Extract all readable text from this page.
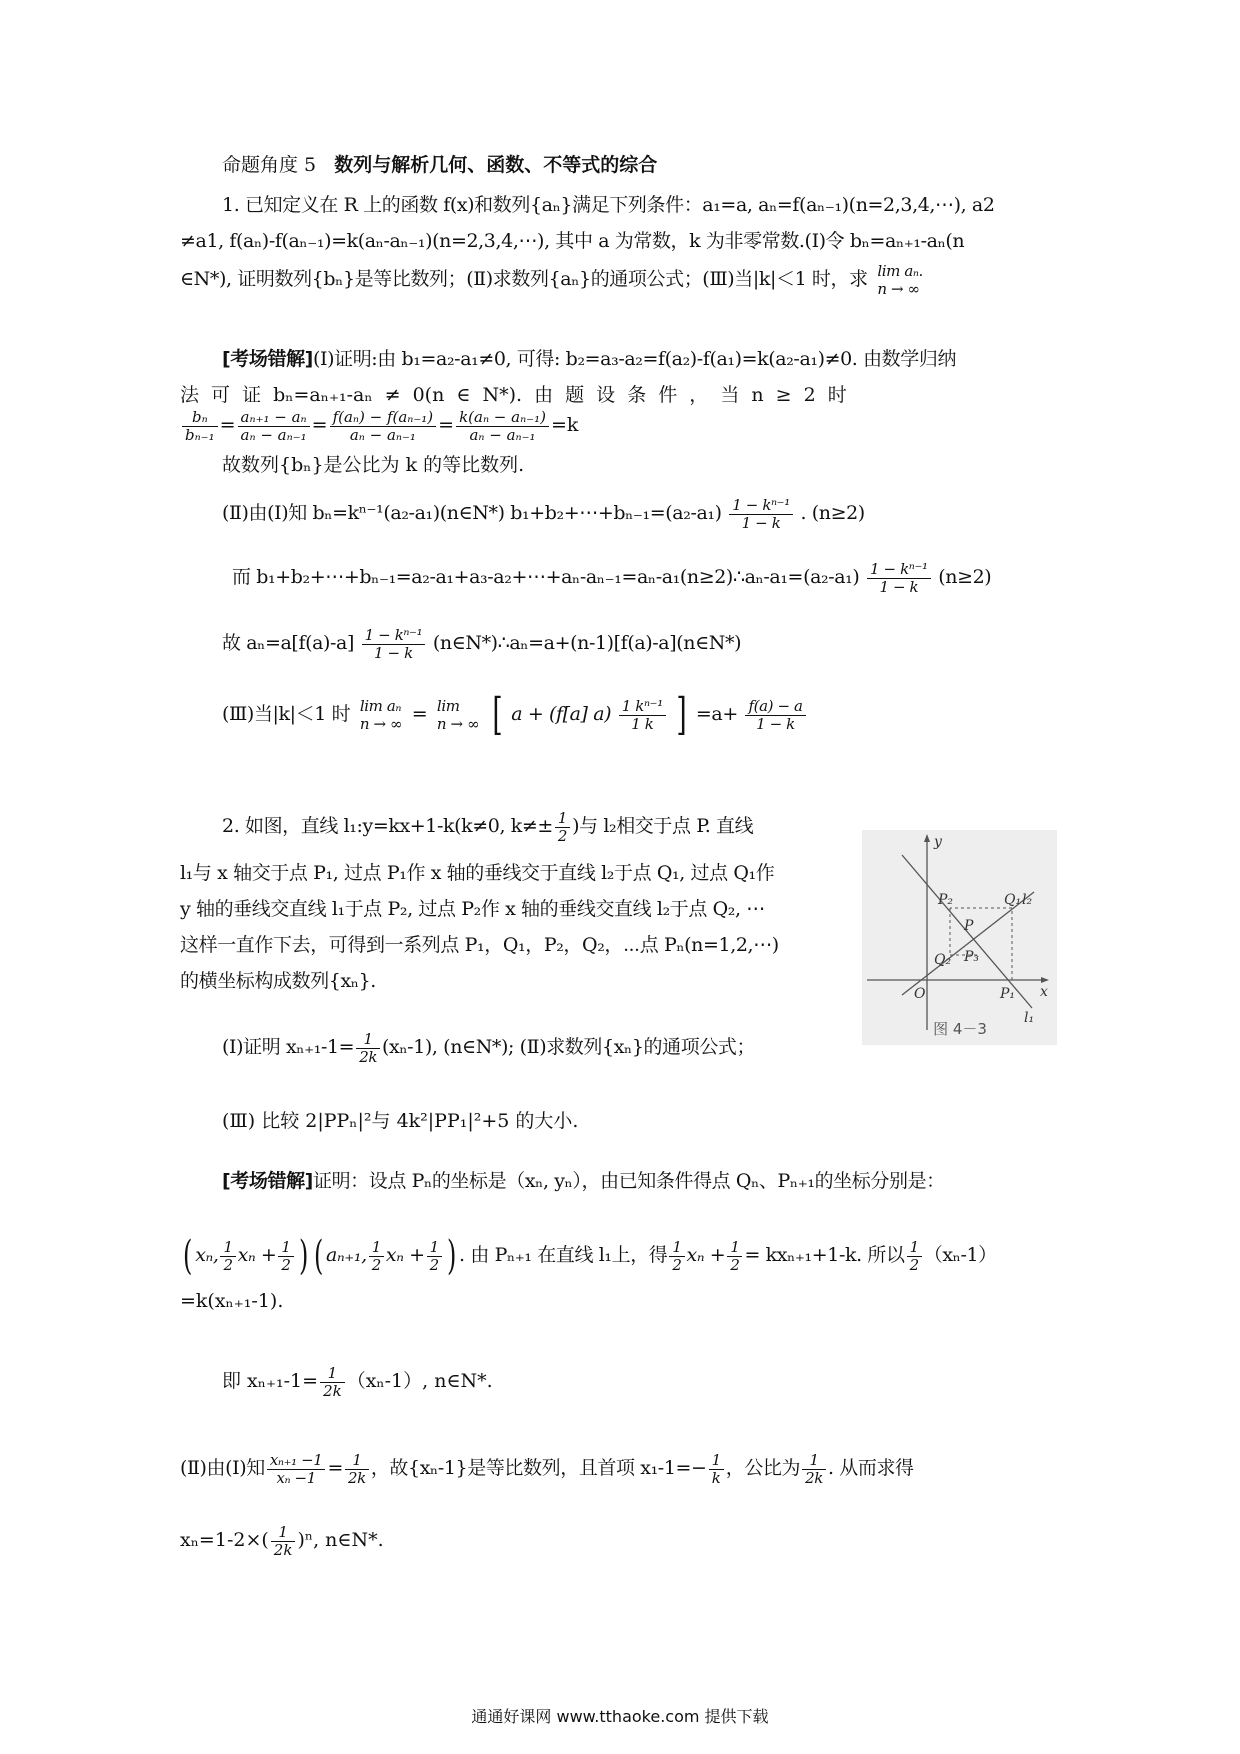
命题角度 5 数列与解析几何、函数、不等式的综合
1. 已知定义在 R 上的函数 f(x)和数列{aₙ}满足下列条件：a₁=a, aₙ=f(aₙ₋₁)(n=2,3,4,⋯), a2
≠a1, f(aₙ)-f(aₙ₋₁)=k(aₙ-aₙ₋₁)(n=2,3,4,⋯), 其中 a 为常数，k 为非零常数.(Ⅰ)令 bₙ=aₙ₊₁-aₙ(n
∈N*), 证明数列{bₙ}是等比数列；(Ⅱ)求数列{aₙ}的通项公式；(Ⅲ)当|k|＜1 时，求 lim aₙ.
n → ∞
[考场错解](Ⅰ)证明:由 b₁=a₂-a₁≠0, 可得: b₂=a₃-a₂=f(a₂)-f(a₁)=k(a₂-a₁)≠0. 由数学归纳
法 可 证 bₙ=aₙ₊₁-aₙ ≠ 0(n ∈ N*). 由 题 设 条 件 ， 当 n ≥ 2 时
$\frac{\text{bₙ}}{\text{bₙ₋₁}} = \frac{\text{aₙ₊₁ − aₙ}}{\text{aₙ − aₙ₋₁}} = \frac{\text{f(aₙ) − f(aₙ₋₁)}}{\text{aₙ − aₙ₋₁}} = \frac{\text{k(aₙ − aₙ₋₁)}}{\text{aₙ − aₙ₋₁}} =k$
故数列{bₙ}是公比为 k 的等比数列.
(Ⅱ)由(Ⅰ)知 bₙ=kⁿ⁻¹(a₂-a₁)(n∈N*) b₁+b₂+⋯+bₙ₋₁=(a₂-a₁) $\frac{\text{1 − kⁿ⁻¹}}{1 - k}$ . (n≥2)
而 b₁+b₂+⋯+bₙ₋₁=a₂-a₁+a₃-a₂+⋯+aₙ-aₙ₋₁=aₙ-a₁(n≥2)∴aₙ-a₁=(a₂-a₁) $\frac{\text{1 − kⁿ⁻¹}}{1 - k} (n\ge 2)$
故 $a_n=a[f(a)-a] \frac{\text{1 − kⁿ⁻¹}}{1 - k}$ (n∈N*)∴aₙ=a+(n-1)[f(a)-a](n∈N*)
(Ⅲ)当|k|＜1 时 lim aₙ
n → ∞ = lim
n → ∞ [ a + (f[a] $a) \frac{\text{1 kⁿ⁻¹}}{1 k}$ ] $=a+ \frac{f(a) - a}{1 - k}$
2. 如图，直线 l₁:y=kx+1-k(k≠0, $k\ne\pm \frac{1}{2}$ )与 l₂相交于点 P. 直线
l₁与 x 轴交于点 P₁, 过点 P₁作 x 轴的垂线交于直线 l₂于点 Q₁, 过点 Q₁作
y 轴的垂线交直线 l₁于点 P₂, 过点 P₂作 x 轴的垂线交直线 l₂于点 Q₂, ⋯
这样一直作下去，可得到一系列点 P₁，Q₁，P₂，Q₂，⋯点 Pₙ(n=1,2,⋯)
的横坐标构成数列{xₙ}.
(Ⅰ)证明 $x_{n+1}-1= \frac{1}{2k} (x_n-1)$, (n∈N*); (Ⅱ)求数列{xₙ}的通项公式；
(Ⅲ) 比较 2|PPₙ|²与 4k²|PP₁|²+5 的大小.
y
x
O	P₁
P₂
P₃
P
Q₁
Q₂
l₁
l₂
图 4－3
[考场错解]证明：设点 Pₙ的坐标是（xₙ, yₙ），由已知条件得点 Qₙ、Pₙ₊₁的坐标分别是：
( xₙ, $\frac{1}{2}$ $x_n + \frac{1}{2}$ ) ( aₙ₊₁, $\frac{1}{2}$ $x_n + \frac{1}{2}$ ) . 由 Pₙ₊₁ 在直线 l₁上，得 $\frac{1}{2}$ $x_n + \frac{1}{2} = kx_{n+1}+1-k$. 所以 $\frac{1}{2} (x_n-1)$
=k(xₙ₊₁-1).
即 $x_{n+1}-1= \frac{1}{2k} (x_n-1)$, n∈N*.
(Ⅱ)由(Ⅰ)知 $\frac{\text{xₙ₊₁ −1}}{\text{xₙ −1}} = \frac{1}{2k}$ ，故{xₙ-1}是等比数列，且首项 $x_1-1=- \frac{1}{k}$ ，公比为 $\frac{1}{2k}$ . 从而求得
$x_n=1-2\times( \frac{1}{2k} )^n$, n∈N*.
通通好课网 www.tthaoke.com 提供下载
